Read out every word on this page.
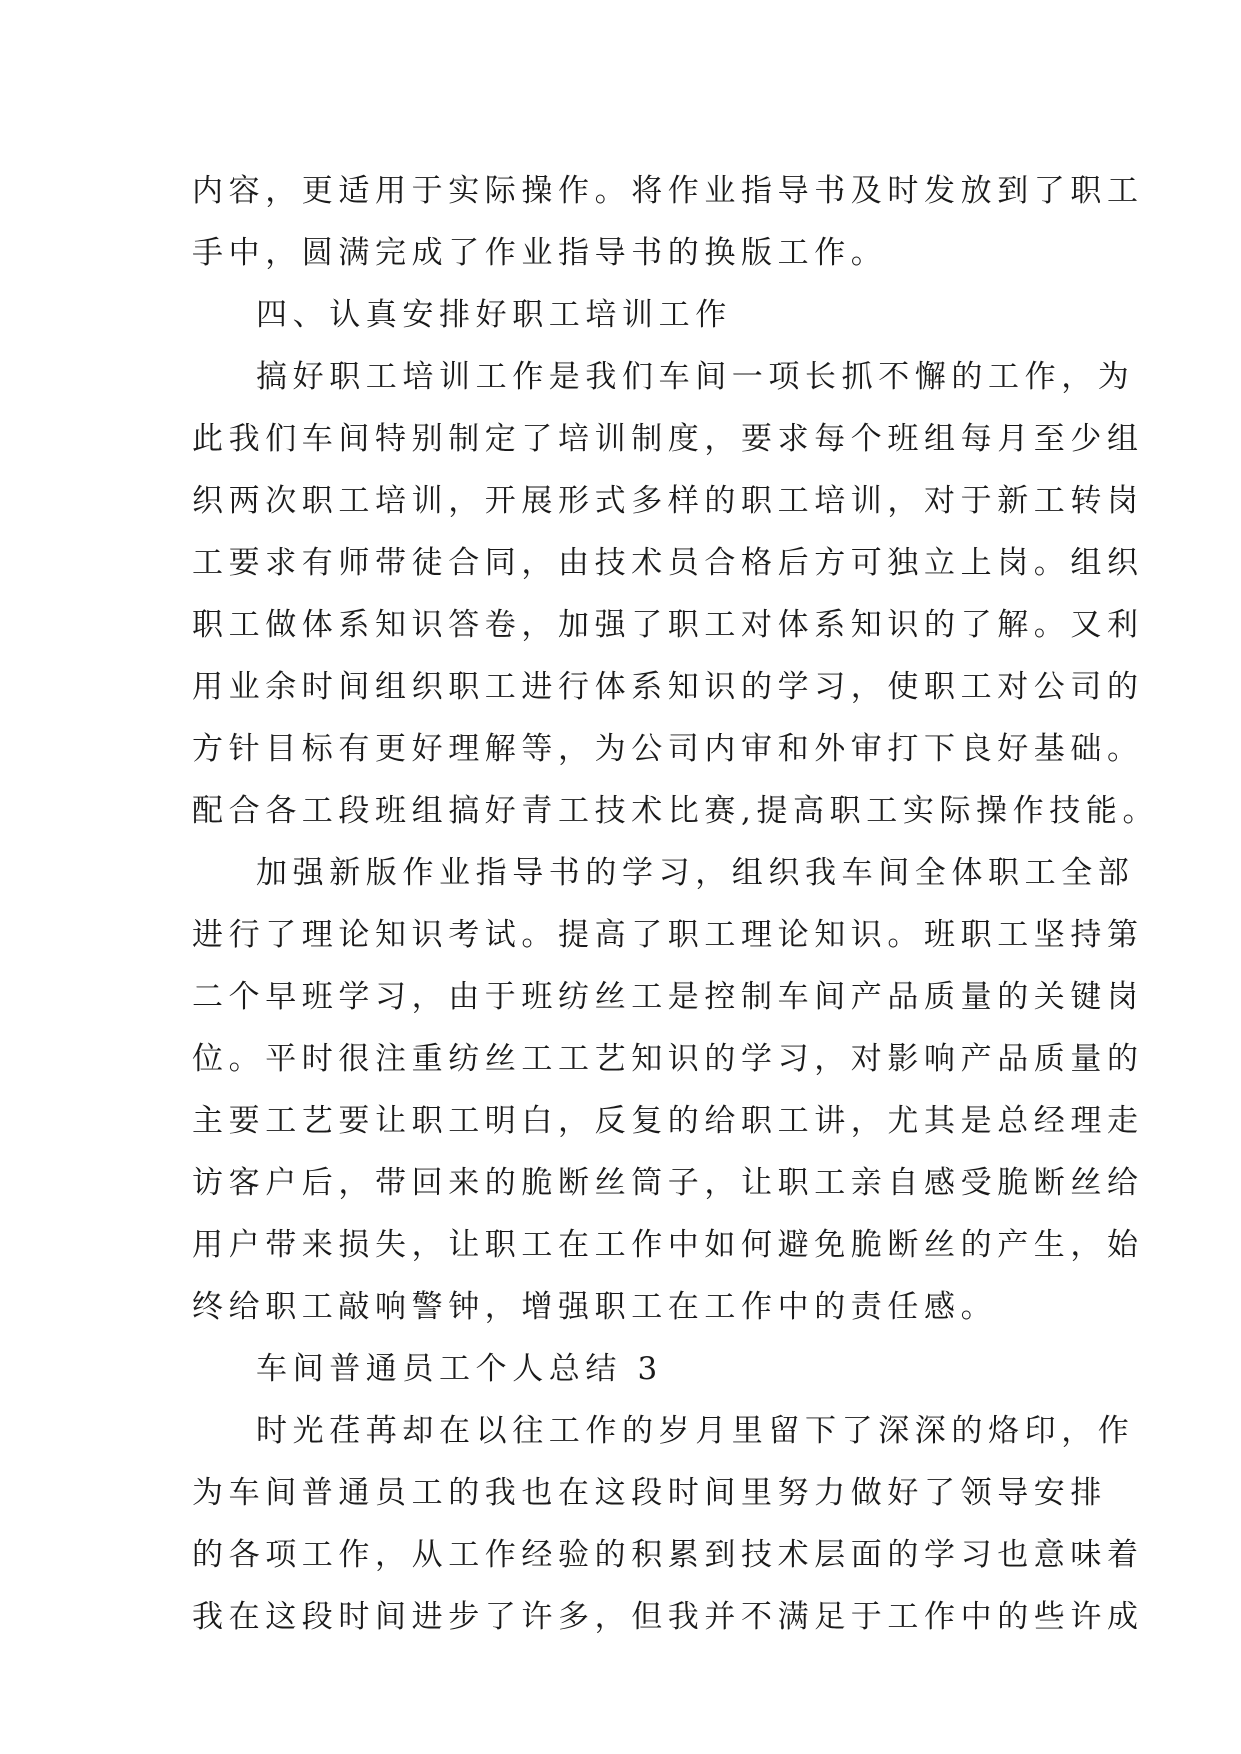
内容，更适用于实际操作。将作业指导书及时发放到了职工
手中，圆满完成了作业指导书的换版工作。
四、认真安排好职工培训工作
搞好职工培训工作是我们车间一项长抓不懈的工作，为
此我们车间特别制定了培训制度，要求每个班组每月至少组
织两次职工培训，开展形式多样的职工培训，对于新工转岗
工要求有师带徒合同，由技术员合格后方可独立上岗。组织
职工做体系知识答卷，加强了职工对体系知识的了解。又利
用业余时间组织职工进行体系知识的学习，使职工对公司的
方针目标有更好理解等，为公司内审和外审打下良好基础。
配合各工段班组搞好青工技术比赛,提高职工实际操作技能。
加强新版作业指导书的学习，组织我车间全体职工全部
进行了理论知识考试。提高了职工理论知识。班职工坚持第
二个早班学习，由于班纺丝工是控制车间产品质量的关键岗
位。平时很注重纺丝工工艺知识的学习，对影响产品质量的
主要工艺要让职工明白，反复的给职工讲，尤其是总经理走
访客户后，带回来的脆断丝筒子，让职工亲自感受脆断丝给
用户带来损失，让职工在工作中如何避免脆断丝的产生，始
终给职工敲响警钟，增强职工在工作中的责任感。
车间普通员工个人总结 3
时光荏苒却在以往工作的岁月里留下了深深的烙印，作
为车间普通员工的我也在这段时间里努力做好了领导安排
的各项工作，从工作经验的积累到技术层面的学习也意味着
我在这段时间进步了许多，但我并不满足于工作中的些许成
